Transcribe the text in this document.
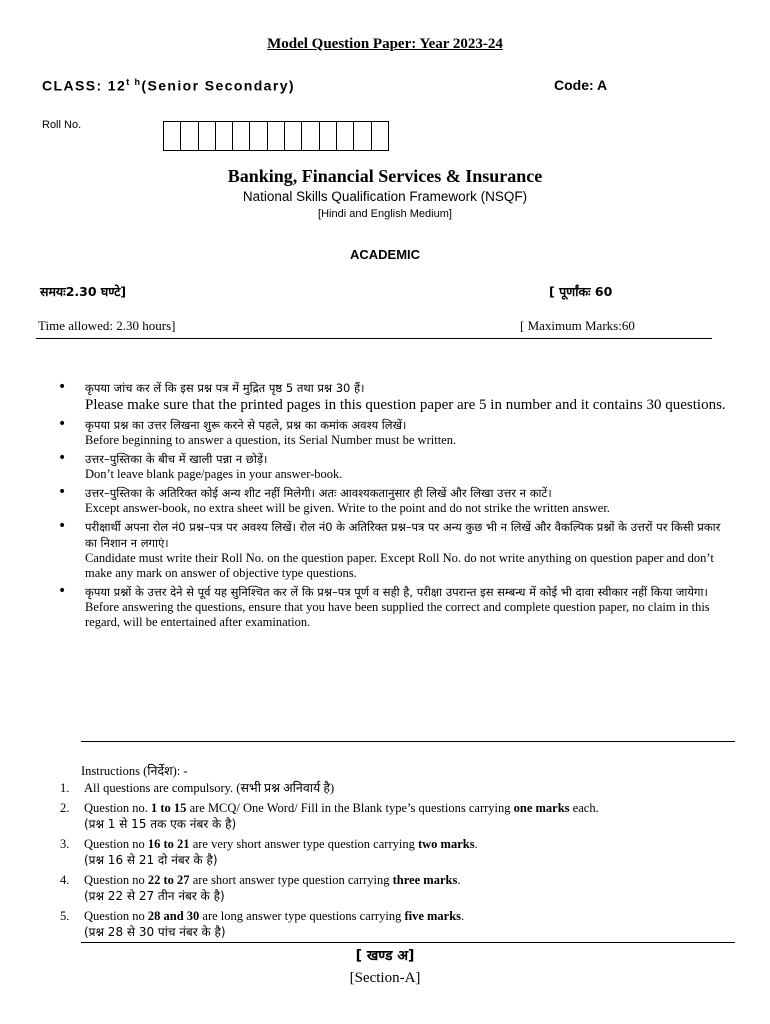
Model Question Paper: Year 2023-24
CLASS: $12^{t h}(Senior$ Secondary)	Code: A
Roll No.
Banking, Financial Services & Insurance
National Skills Qualification Framework (NSQF)
[Hindi and English Medium]
ACADEMIC
समयः2.30 घण्टे]	[ पूर्णांकः 60
Time allowed: 2.30 hours]	[ Maximum Marks:60
• कृपया जांच कर लें कि इस प्रश्न पत्र में मुद्रित पृष्ठ 5 तथा प्रश्न 30 हैं।
Please make sure that the printed pages in this question paper are 5 in number and it contains 30 questions.
• कृपया प्रश्न का उत्तर लिखना शुरू करने से पहले, प्रश्न का कमांक अवश्य लिखें।
Before beginning to answer a question, its Serial Number must be written.
• उत्तर–पुस्तिका के बीच में खाली पन्ना न छोड़ें।
Don’t leave blank page/pages in your answer-book.
• उत्तर–पुस्तिका के अतिरिक्त कोई अन्य शीट नहीं मिलेगी। अतः आवश्यकतानुसार ही लिखें और लिखा उत्तर न काटें।
Except answer-book, no extra sheet will be given. Write to the point and do not strike the written answer.
• परीक्षार्थी अपना रोल नं0 प्रश्न–पत्र पर अवश्य लिखें। रोल नं0 के अतिरिक्त प्रश्न–पत्र पर अन्य कुछ भी न लिखें और वैकल्पिक प्रश्नों के उत्तरों पर किसी प्रकार का निशान न लगाएं।
Candidate must write their Roll No. on the question paper. Except Roll No. do not write anything on question paper and don’t make any mark on answer of objective type questions.
• कृपया प्रश्नों के उत्तर देने से पूर्व यह सुनिश्चित कर लें कि प्रश्न–पत्र पूर्ण व सही है, परीक्षा उपरान्त इस सम्बन्ध में कोई भी दावा स्वीकार नहीं किया जायेगा।
Before answering the questions, ensure that you have been supplied the correct and complete question paper, no claim in this regard, will be entertained after examination.
Instructions (निर्देश): -
1. All questions are compulsory. (सभी प्रश्न अनिवार्य है)
2. Question no. 1 to 15 are MCQ/ One Word/ Fill in the Blank type’s questions carrying one marks each.
(प्रश्न 1 से 15 तक एक नंबर के है)
3. Question no 16 to 21 are very short answer type question carrying two marks.
(प्रश्न 16 से 21 दो नंबर के है)
4. Question no 22 to 27 are short answer type question carrying three marks.
(प्रश्न 22 से 27 तीन नंबर के है)
5. Question no 28 and 30 are long answer type questions carrying five marks.
(प्रश्न 28 से 30 पांच नंबर के है)
[ खण्ड अ]
[Section-A]
